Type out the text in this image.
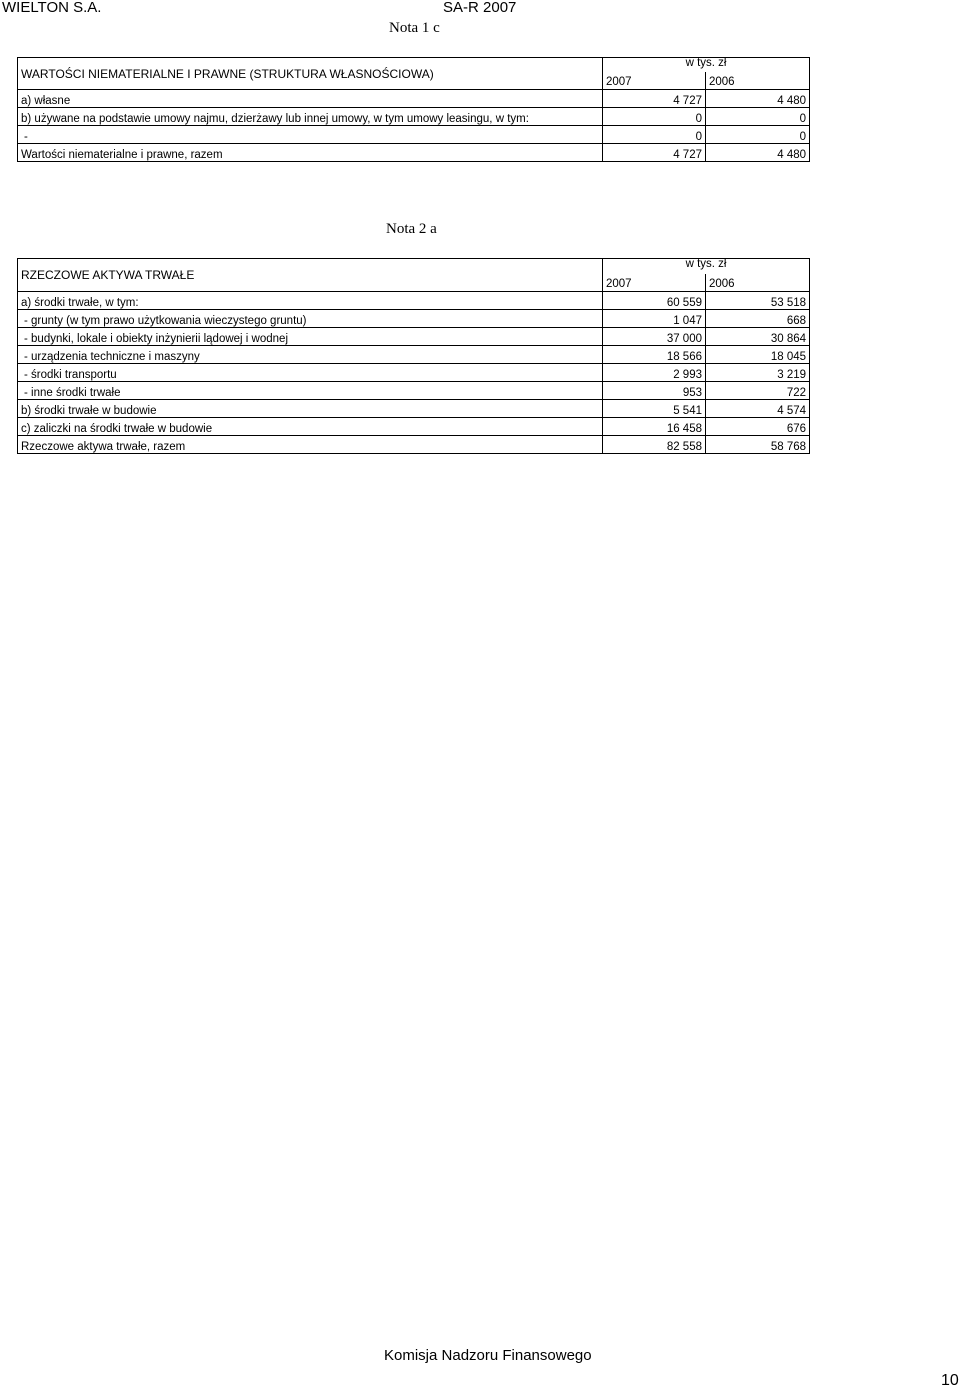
WIELTON S.A.	SA-R 2007
Nota 1 c
WARTOŚCI NIEMATERIALNE I PRAWNE (STRUKTURA WŁASNOŚCIOWA)	w tys. zł	
	2007	2006
a) własne	4 727	4 480
b) używane na podstawie umowy najmu, dzierżawy lub innej umowy, w tym umowy leasingu, w tym:	0	0
-	0	0
Wartości niematerialne i prawne, razem	4 727	4 480
Nota 2 a
RZECZOWE AKTYWA TRWAŁE	w tys. zł	
	2007	2006
a) środki trwałe, w tym:	60 559	53 518
- grunty (w tym prawo użytkowania wieczystego gruntu)	1 047	668
- budynki, lokale i obiekty inżynierii lądowej i wodnej	37 000	30 864
- urządzenia techniczne i maszyny	18 566	18 045
- środki transportu	2 993	3 219
- inne środki trwałe	953	722
b) środki trwałe w budowie	5 541	4 574
c) zaliczki na środki trwałe w budowie	16 458	676
Rzeczowe aktywa trwałe, razem	82 558	58 768
Komisja Nadzoru Finansowego
10
